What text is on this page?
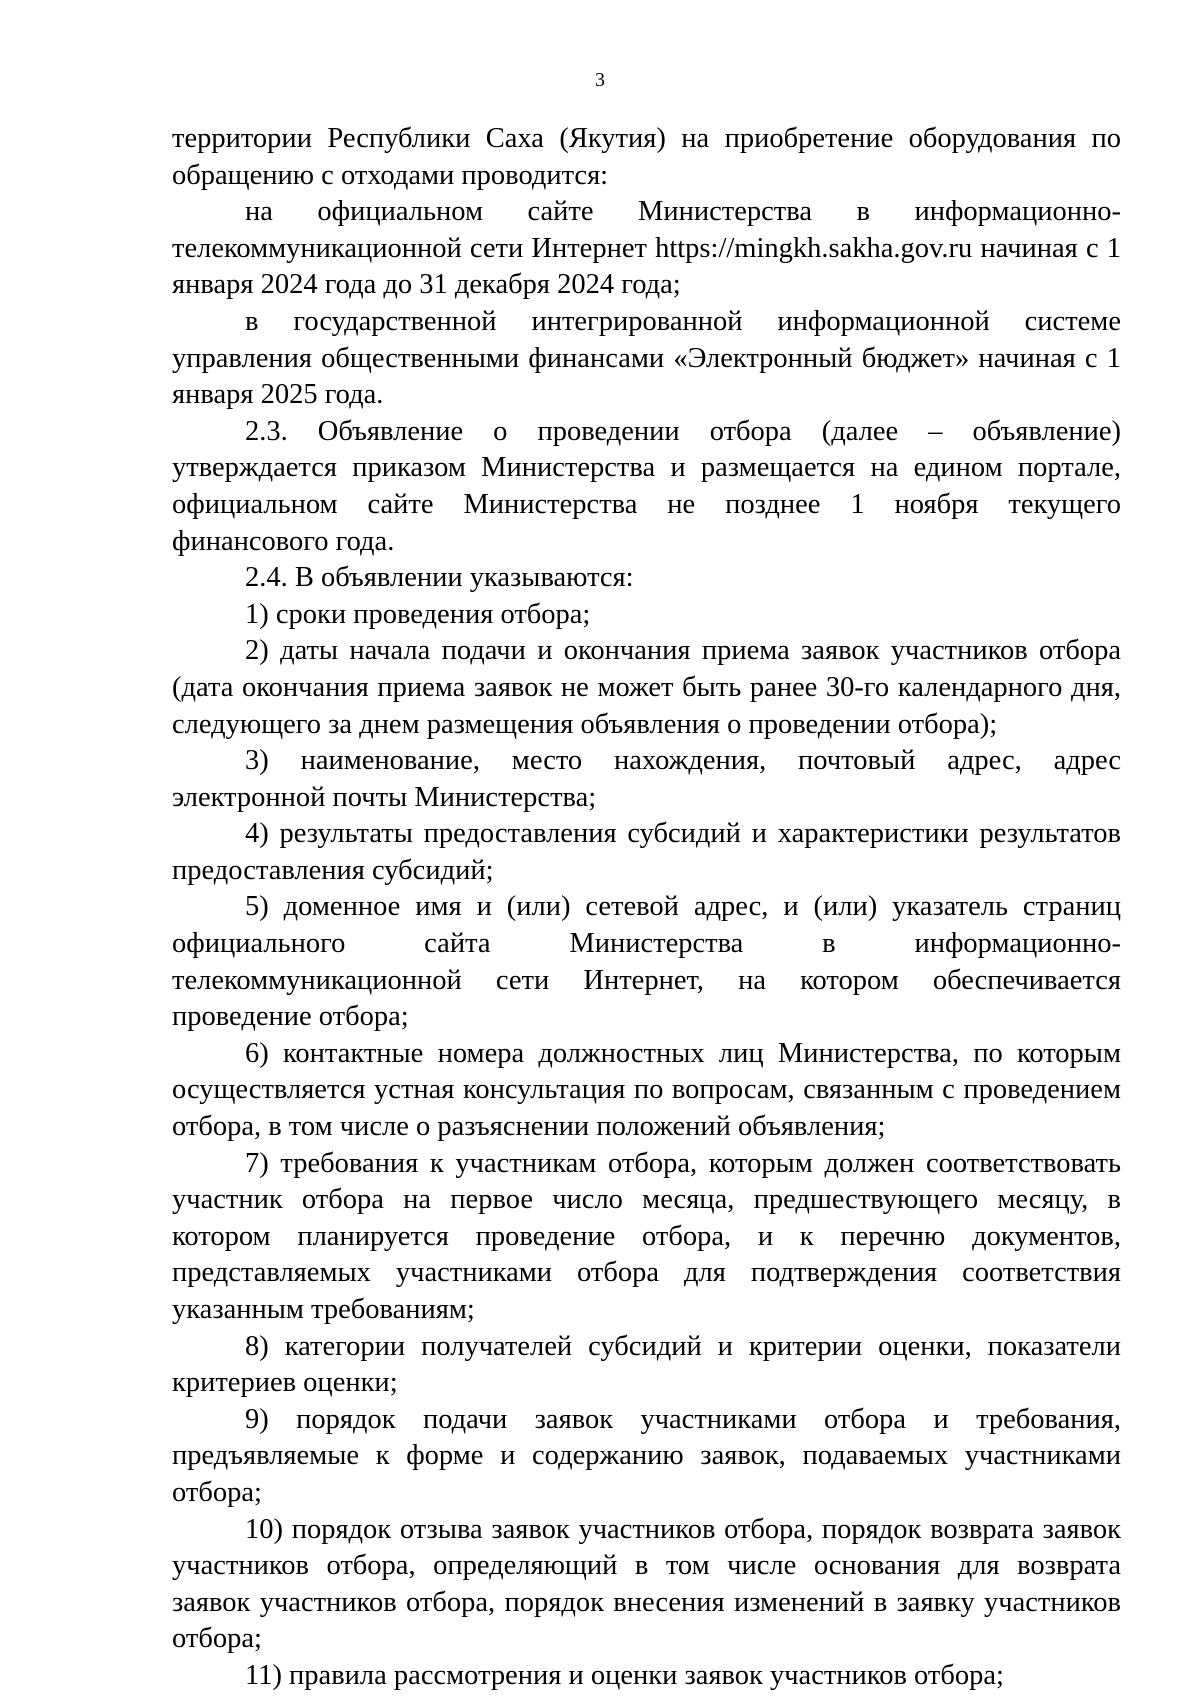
3

территории Республики Саха (Якутия) на приобретение оборудования по обращению с отходами проводится:

на официальном сайте Министерства в информационно-телекоммуникационной сети Интернет https://mingkh.sakha.gov.ru начиная с 1 января 2024 года до 31 декабря 2024 года;

в государственной интегрированной информационной системе управления общественными финансами «Электронный бюджет» начиная с 1 января 2025 года.

2.3. Объявление о проведении отбора (далее – объявление) утверждается приказом Министерства и размещается на едином портале, официальном сайте Министерства не позднее 1 ноября текущего финансового года.

2.4. В объявлении указываются:

1) сроки проведения отбора;

2) даты начала подачи и окончания приема заявок участников отбора (дата окончания приема заявок не может быть ранее 30-го календарного дня, следующего за днем размещения объявления о проведении отбора);

3) наименование, место нахождения, почтовый адрес, адрес электронной почты Министерства;

4) результаты предоставления субсидий и характеристики результатов предоставления субсидий;

5) доменное имя и (или) сетевой адрес, и (или) указатель страниц официального сайта Министерства в информационно-телекоммуникационной сети Интернет, на котором обеспечивается проведение отбора;

6) контактные номера должностных лиц Министерства, по которым осуществляется устная консультация по вопросам, связанным с проведением отбора, в том числе о разъяснении положений объявления;

7) требования к участникам отбора, которым должен соответствовать участник отбора на первое число месяца, предшествующего месяцу, в котором планируется проведение отбора, и к перечню документов, представляемых участниками отбора для подтверждения соответствия указанным требованиям;

8) категории получателей субсидий и критерии оценки, показатели критериев оценки;

9) порядок подачи заявок участниками отбора и требования, предъявляемые к форме и содержанию заявок, подаваемых участниками отбора;

10) порядок отзыва заявок участников отбора, порядок возврата заявок участников отбора, определяющий в том числе основания для возврата заявок участников отбора, порядок внесения изменений в заявку участников отбора;

11) правила рассмотрения и оценки заявок участников отбора;
